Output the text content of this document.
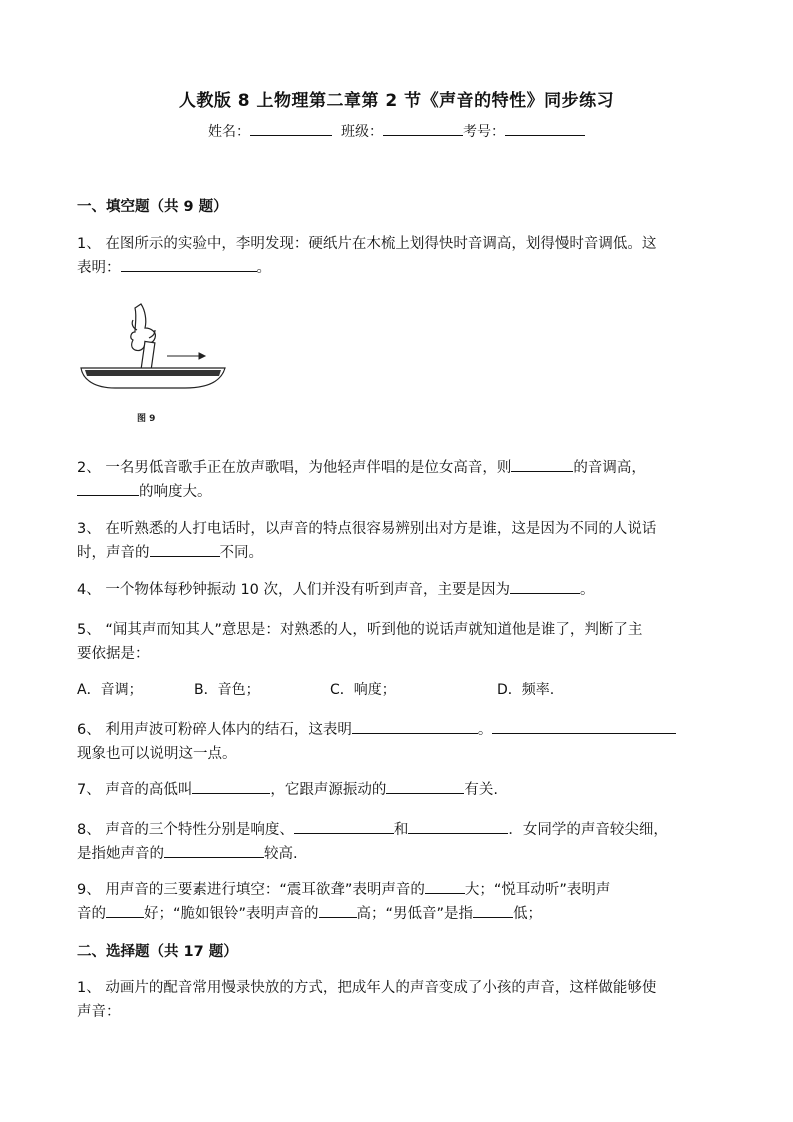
人教版 8 上物理第二章第 2 节《声音的特性》同步练习
姓名：	班级：	考号：
一、填空题（共 9 题）
1、 在图所示的实验中，李明发现：硬纸片在木梳上划得快时音调高，划得慢时音调低。这
表明：	。
图 9
2、 一名男低音歌手正在放声歌唱，为他轻声伴唱的是位女高音，则	的音调高，
的响度大。
3、 在听熟悉的人打电话时，以声音的特点很容易辨别出对方是谁，这是因为不同的人说话
时，声音的	不同。
4、 一个物体每秒钟振动 10 次，人们并没有听到声音，主要是因为	。
5、 “闻其声而知其人”意思是：对熟悉的人，听到他的说话声就知道他是谁了，判断了主
要依据是：
A．音调；	B．音色；	C．响度；	D．频率.
6、 利用声波可粉碎人体内的结石，这表明	。
现象也可以说明这一点。
7、 声音的高低叫	，它跟声源振动的	有关.
8、 声音的三个特性分别是响度、	和	．女同学的声音较尖细，
是指她声音的	较高.
9、 用声音的三要素进行填空：“震耳欲聋”表明声音的	大；“悦耳动听”表明声
音的	好；“脆如银铃”表明声音的	高；“男低音”是指	低；
二、选择题（共 17 题）
1、 动画片的配音常用慢录快放的方式，把成年人的声音变成了小孩的声音，这样做能够使
声音：
